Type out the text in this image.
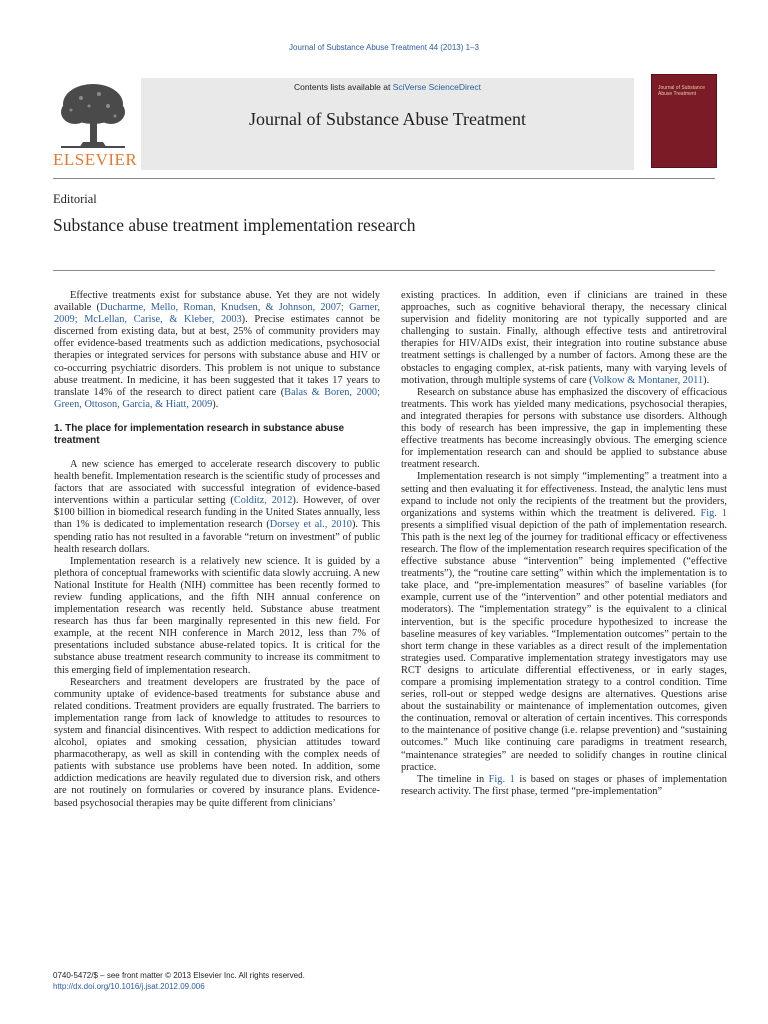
Journal of Substance Abuse Treatment 44 (2013) 1–3
ELSEVIER
Contents lists available at SciVerse ScienceDirect
Journal of Substance Abuse Treatment
Journal of Substance Abuse Treatment
Editorial
Substance abuse treatment implementation research

Effective treatments exist for substance abuse. Yet they are not widely available (Ducharme, Mello, Roman, Knudsen, & Johnson, 2007; Garner, 2009; McLellan, Carise, & Kleber, 2003). Precise estimates cannot be discerned from existing data, but at best, 25% of community providers may offer evidence-based treatments such as addiction medications, psychosocial therapies or integrated services for persons with substance abuse and HIV or co-occurring psychiatric disorders. This problem is not unique to substance abuse treatment. In medicine, it has been suggested that it takes 17 years to translate 14% of the research to direct patient care (Balas & Boren, 2000; Green, Ottoson, Garcia, & Hiatt, 2009).

1. The place for implementation research in substance abuse treatment

A new science has emerged to accelerate research discovery to public health benefit. Implementation research is the scientific study of processes and factors that are associated with successful integration of evidence-based interventions within a particular setting (Colditz, 2012). However, of over $100 billion in biomedical research funding in the United States annually, less than 1% is dedicated to implementation research (Dorsey et al., 2010). This spending ratio has not resulted in a favorable “return on investment” of public health research dollars.

Implementation research is a relatively new science. It is guided by a plethora of conceptual frameworks with scientific data slowly accruing. A new National Institute for Health (NIH) committee has been recently formed to review funding applications, and the fifth NIH annual conference on implementation research was recently held. Substance abuse treatment research has thus far been marginally represented in this new field. For example, at the recent NIH conference in March 2012, less than 7% of presentations included substance abuse-related topics. It is critical for the substance abuse treatment research community to increase its commitment to this emerging field of implementation research.

Researchers and treatment developers are frustrated by the pace of community uptake of evidence-based treatments for substance abuse and related conditions. Treatment providers are equally frustrated. The barriers to implementation range from lack of knowledge to attitudes to resources to system and financial disincentives. With respect to addiction medications for alcohol, opiates and smoking cessation, physician attitudes toward pharmacotherapy, as well as skill in contending with the complex needs of patients with substance use problems have been noted. In addition, some addiction medications are heavily regulated due to diversion risk, and others are not routinely on formularies or covered by insurance plans. Evidence-based psychosocial therapies may be quite different from clinicians’

existing practices. In addition, even if clinicians are trained in these approaches, such as cognitive behavioral therapy, the necessary clinical supervision and fidelity monitoring are not typically supported and are challenging to sustain. Finally, although effective tests and antiretroviral therapies for HIV/AIDs exist, their integration into routine substance abuse treatment settings is challenged by a number of factors. Among these are the obstacles to engaging complex, at-risk patients, many with varying levels of motivation, through multiple systems of care (Volkow & Montaner, 2011).

Research on substance abuse has emphasized the discovery of efficacious treatments. This work has yielded many medications, psychosocial therapies, and integrated therapies for persons with substance use disorders. Although this body of research has been impressive, the gap in implementing these effective treatments has become increasingly obvious. The emerging science for implementation research can and should be applied to substance abuse treatment research.

Implementation research is not simply “implementing” a treatment into a setting and then evaluating it for effectiveness. Instead, the analytic lens must expand to include not only the recipients of the treatment but the providers, organizations and systems within which the treatment is delivered. Fig. 1 presents a simplified visual depiction of the path of implementation research. This path is the next leg of the journey for traditional efficacy or effectiveness research. The flow of the implementation research requires specification of the effective substance abuse “intervention” being implemented (“effective treatments”), the “routine care setting” within which the implementation is to take place, and “pre-implementation measures” of baseline variables (for example, current use of the “intervention” and other potential mediators and moderators). The “implementation strategy” is the equivalent to a clinical intervention, but is the specific procedure hypothesized to increase the baseline measures of key variables. “Implementation outcomes” pertain to the short term change in these variables as a direct result of the implementation strategies used. Comparative implementation strategy investigators may use RCT designs to articulate differential effectiveness, or in early stages, compare a promising implementation strategy to a control condition. Time series, roll-out or stepped wedge designs are alternatives. Questions arise about the sustainability or maintenance of implementation outcomes, given the continuation, removal or alteration of certain incentives. This corresponds to the maintenance of positive change (i.e. relapse prevention) and “sustaining outcomes.” Much like continuing care paradigms in treatment research, “maintenance strategies” are needed to solidify changes in routine clinical practice.

The timeline in Fig. 1 is based on stages or phases of implementation research activity. The first phase, termed “pre-implementation”

0740-5472/$ – see front matter © 2013 Elsevier Inc. All rights reserved.
http://dx.doi.org/10.1016/j.jsat.2012.09.006
